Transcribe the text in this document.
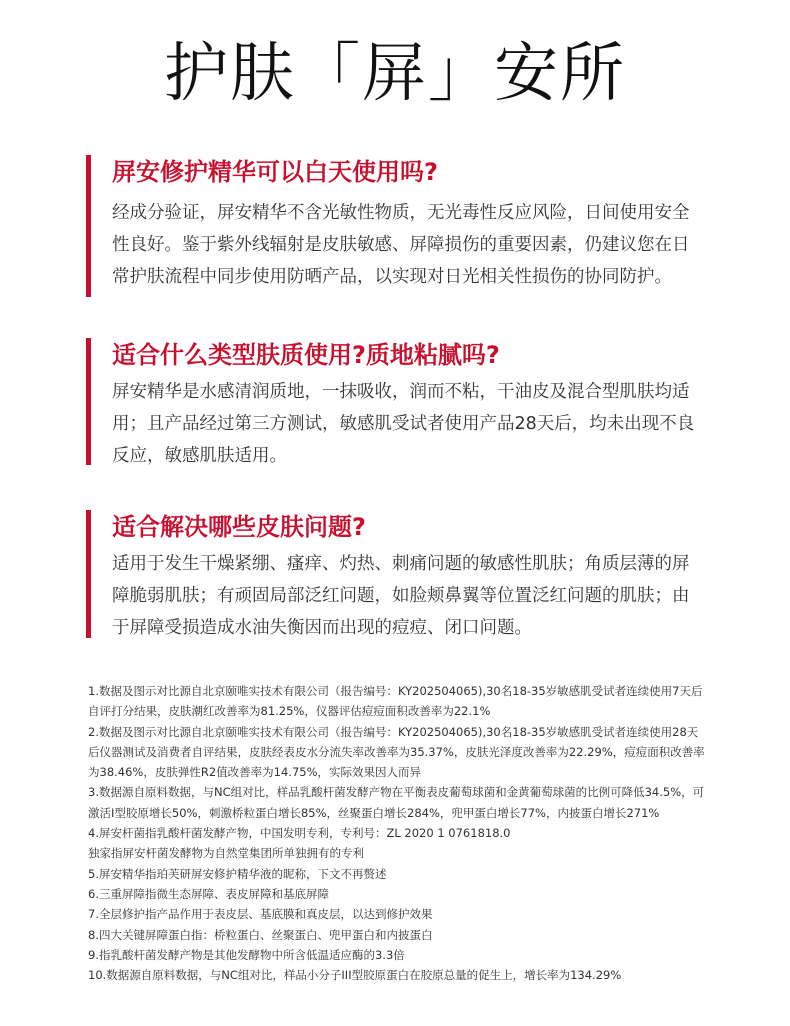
护肤「屏」安所
屏安修护精华可以白天使用吗?
经成分验证，屏安精华不含光敏性物质，无光毒性反应风险，日间使用安全性良好。鉴于紫外线辐射是皮肤敏感、屏障损伤的重要因素，仍建议您在日常护肤流程中同步使用防晒产品，以实现对日光相关性损伤的协同防护。
适合什么类型肤质使用?质地粘腻吗?
屏安精华是水感清润质地，一抹吸收，润而不粘，干油皮及混合型肌肤均适用；且产品经过第三方测试，敏感肌受试者使用产品28天后，均未出现不良反应，敏感肌肤适用。
适合解决哪些皮肤问题?
适用于发生干燥紧绷、瘙痒、灼热、刺痛问题的敏感性肌肤；角质层薄的屏障脆弱肌肤；有顽固局部泛红问题，如脸颊鼻翼等位置泛红问题的肌肤；由于屏障受损造成水油失衡因而出现的痘痘、闭口问题。

1.数据及图示对比源自北京颐唯实技术有限公司（报告编号：KY202504065),30名18-35岁敏感肌受试者连续使用7天后自评打分结果，皮肤潮红改善率为81.25%，仪器评估痘痘面积改善率为22.1%

2.数据及图示对比源自北京颐唯实技术有限公司（报告编号：KY202504065),30名18-35岁敏感肌受试者连续使用28天后仪器测试及消费者自评结果，皮肤经表皮水分流失率改善率为35.37%，皮肤光泽度改善率为22.29%，痘痘面积改善率为38.46%，皮肤弹性R2值改善率为14.75%，实际效果因人而异

3.数据源自原料数据，与NC组对比，样品乳酸杆菌发酵产物在平衡表皮葡萄球菌和金黄葡萄球菌的比例可降低34.5%，可激活I型胶原增长50%，刺激桥粒蛋白增长85%，丝聚蛋白增长284%，兜甲蛋白增长77%，内披蛋白增长271%

4.屏安杆菌指乳酸杆菌发酵产物，中国发明专利，专利号：ZL 2020 1 0761818.0

独家指屏安杆菌发酵物为自然堂集团所单独拥有的专利

5.屏安精华指珀芙研屏安修护精华液的昵称，下文不再赘述

6.三重屏障指微生态屏障、表皮屏障和基底屏障

7.全层修护指产品作用于表皮层、基底膜和真皮层，以达到修护效果

8.四大关键屏障蛋白指：桥粒蛋白、丝聚蛋白、兜甲蛋白和内披蛋白

9.指乳酸杆菌发酵产物是其他发酵物中所含低温适应酶的3.3倍

10.数据源自原料数据，与NC组对比，样品小分子III型胶原蛋白在胶原总量的促生上，增长率为134.29%
